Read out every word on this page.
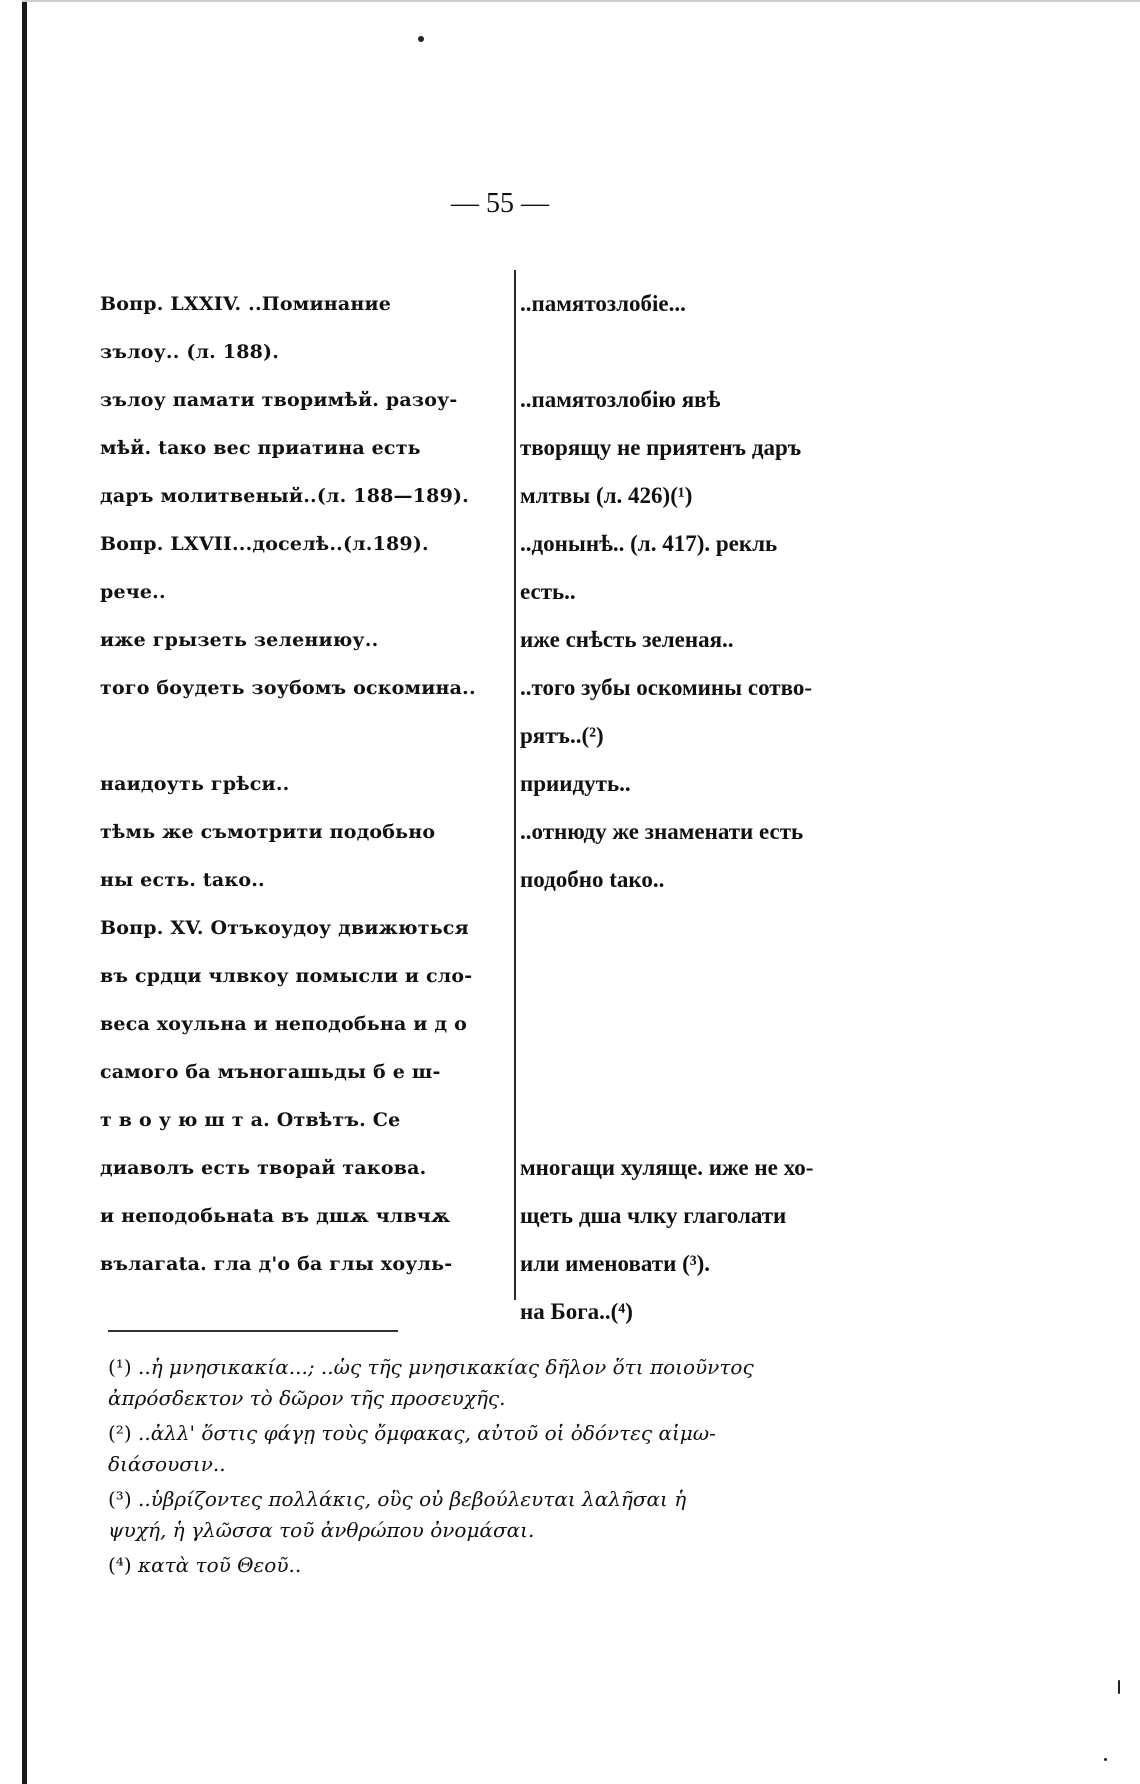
— 55 —
Вопр. LXXIV. ..Поминание
зълоу.. (л. 188).
зълоу памати творимѣй. разоу-
мѣй. tако вес приатина есть
даръ молитвеный..(л. 188—189).
Вопр. LXVII...доселѣ..(л.189).
рече..
иже грызеть зелениюу..
того боудеть зоубомъ оскомина..
наидоуть грѣси..
тѣмь же съмотрити подобьно
ны есть. tако..
Вопр. XV. Отъкоудоу движються
въ срдци члвкоу помысли и сло-
веса хоульна и неподобьна и д о
самого ба мъногашьды б е ш-
т в о у ю ш т а. Отвѣтъ. Се
диаволъ есть творай такова.
и неподобьнаtа въ дшѫ члвчѫ
вълагаtа. гла д'о ба глы хоуль-
..памятозлобіе...
..памятозлобію явѣ
творящу не приятенъ даръ
млтвы (л. 426)(¹)
..донынѣ.. (л. 417). рекль
есть..
иже снѣсть зеленая..
..того зубы оскомины сотво-
рятъ..(²)
приидуть..
..отнюду же знаменати есть
подобно tако..
многащи хуляще. иже не хо-
щеть дша члку глаголати
или именовати (³).
на Бога..(⁴)

(¹) ..ἡ μνησικακία...; ..ὡς τῆς μνησικακίας δῆλον ὅτι ποιοῦντος
ἀπρόσδεκτον τὸ δῶρον τῆς προσευχῆς.

(²) ..ἀλλ' ὅστις φάγῃ τοὺς ὄμφακας, αὐτοῦ οἱ ὀδόντες αἱμω-
διάσουσιν..

(³) ..ὑβρίζοντες πολλάκις, οὓς οὐ βεβούλευται λαλῆσαι ἡ
ψυχή, ἡ γλῶσσα τοῦ ἀνθρώπου ὀνομάσαι.

(⁴) κατὰ τοῦ Θεοῦ..
